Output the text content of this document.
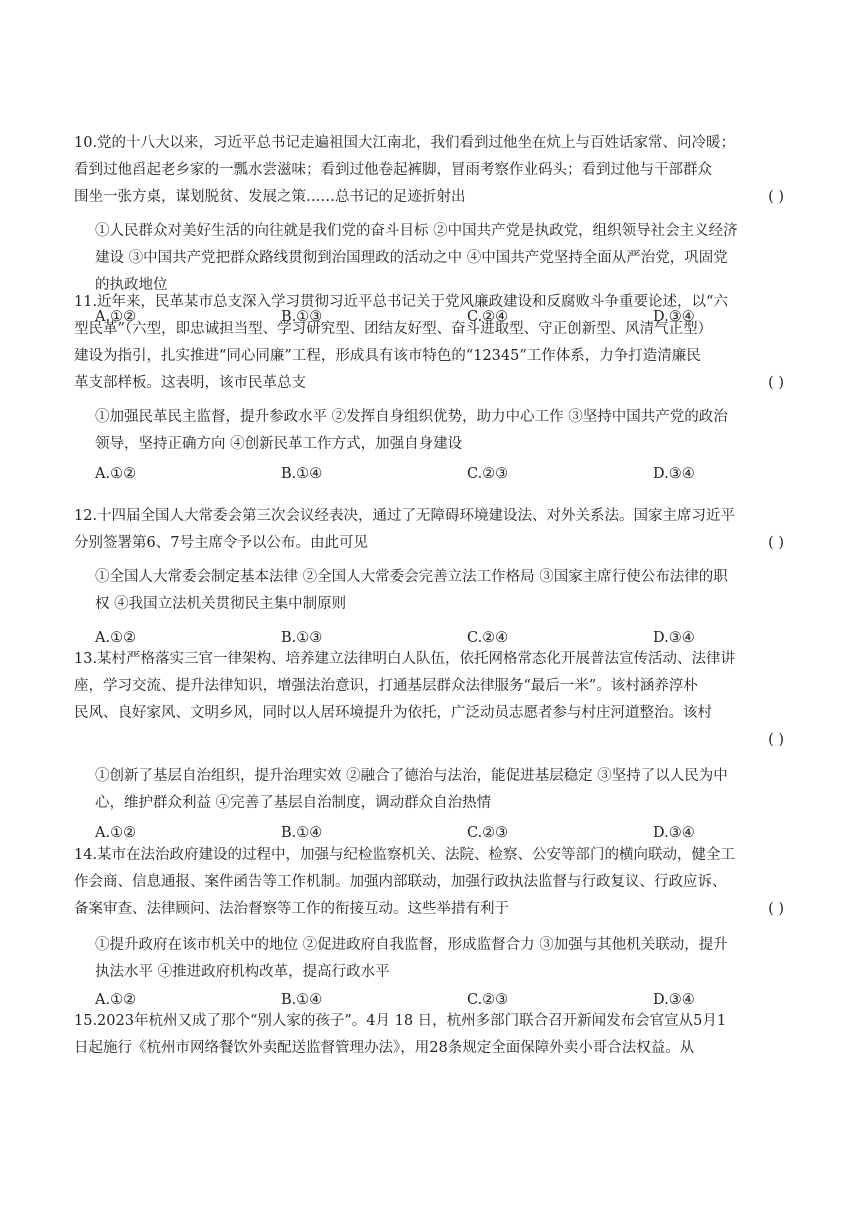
10.党的十八大以来，习近平总书记走遍祖国大江南北，我们看到过他坐在炕上与百姓话家常、问冷暖；
看到过他舀起老乡家的一瓢水尝滋味；看到过他卷起裤脚，冒雨考察作业码头；看到过他与干部群众
围坐一张方桌，谋划脱贫、发展之策……总书记的足迹折射出	( )
①人民群众对美好生活的向往就是我们党的奋斗目标 ②中国共产党是执政党，组织领导社会主义经济
建设 ③中国共产党把群众路线贯彻到治国理政的活动之中 ④中国共产党坚持全面从严治党，巩固党
的执政地位
A.①②	B.①③	C.②④	D.③④
11.近年来，民革某市总支深入学习贯彻习近平总书记关于党风廉政建设和反腐败斗争重要论述，以“六
型民革”（六型，即忠诚担当型、学习研究型、团结友好型、奋斗进取型、守正创新型、风清气正型）
建设为指引，扎实推进“同心同廉”工程，形成具有该市特色的“12345”工作体系，力争打造清廉民
革支部样板。这表明，该市民革总支	( )
①加强民革民主监督，提升参政水平 ②发挥自身组织优势，助力中心工作 ③坚持中国共产党的政治
领导，坚持正确方向 ④创新民革工作方式，加强自身建设
A.①②	B.①④	C.②③	D.③④
12.十四届全国人大常委会第三次会议经表决，通过了无障碍环境建设法、对外关系法。国家主席习近平
分别签署第6、7号主席令予以公布。由此可见	( )
①全国人大常委会制定基本法律 ②全国人大常委会完善立法工作格局 ③国家主席行使公布法律的职
权 ④我国立法机关贯彻民主集中制原则
A.①②	B.①③	C.②④	D.③④
13.某村严格落实三官一律架构、培养建立法律明白人队伍，依托网格常态化开展普法宣传活动、法律讲
座，学习交流、提升法律知识，增强法治意识，打通基层群众法律服务“最后一米”。该村涵养淳朴
民风、良好家风、文明乡风，同时以人居环境提升为依托，广泛动员志愿者参与村庄河道整治。该村
( )
①创新了基层自治组织，提升治理实效 ②融合了德治与法治，能促进基层稳定 ③坚持了以人民为中
心，维护群众利益 ④完善了基层自治制度，调动群众自治热情
A.①②	B.①④	C.②③	D.③④
14.某市在法治政府建设的过程中，加强与纪检监察机关、法院、检察、公安等部门的横向联动，健全工
作会商、信息通报、案件函告等工作机制。加强内部联动，加强行政执法监督与行政复议、行政应诉、
备案审查、法律顾问、法治督察等工作的衔接互动。这些举措有利于	( )
①提升政府在该市机关中的地位 ②促进政府自我监督，形成监督合力 ③加强与其他机关联动，提升
执法水平 ④推进政府机构改革，提高行政水平
A.①②	B.①④	C.②③	D.③④
15.2023年杭州又成了那个“别人家的孩子”。4月 18 日，杭州多部门联合召开新闻发布会官宣从5月1
日起施行《杭州市网络餐饮外卖配送监督管理办法》，用28条规定全面保障外卖小哥合法权益。从
